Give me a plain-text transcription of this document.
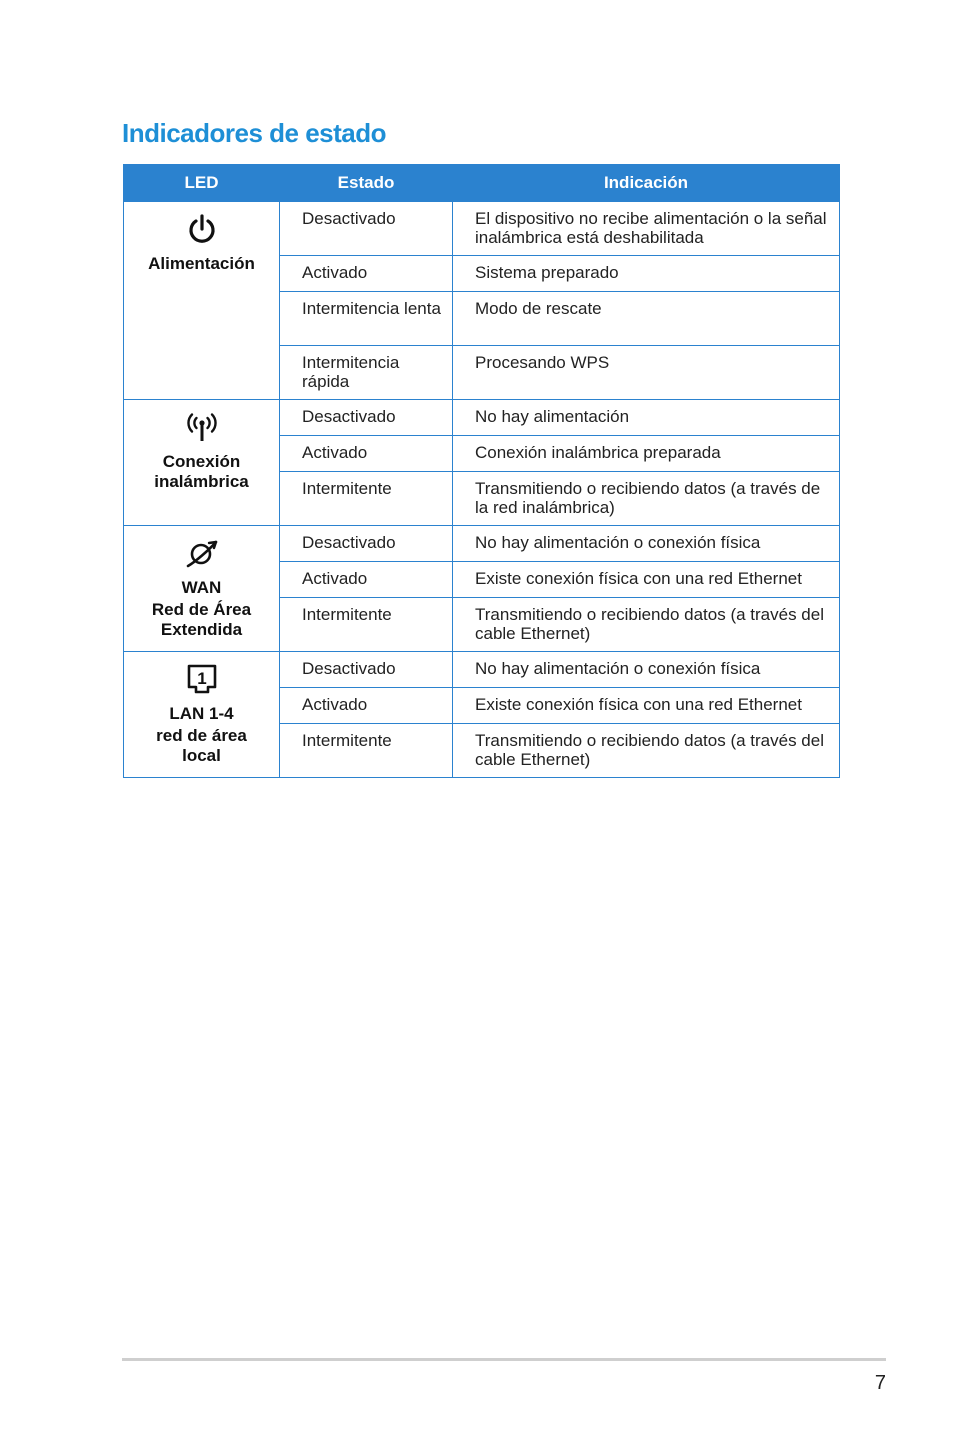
Indicadores de estado
LED	Estado	Indicación

Alimentación	Desactivado	El dispositivo no recibe alimentación o la señal inalámbrica está deshabilitada
	Activado	Sistema preparado
	Intermitencia lenta	Modo de rescate
	Intermitencia rápida	Procesando WPS

Conexión inalámbrica	Desactivado	No hay alimentación
	Activado	Conexión inalámbrica preparada
	Intermitente	Transmitiendo o recibiendo datos (a través de la red inalámbrica)

WAN
Red de Área
Extendida	Desactivado	No hay alimentación o conexión física
	Activado	Existe conexión física con una red Ethernet
	Intermitente	Transmitiendo o recibiendo datos (a través del cable Ethernet)

1
LAN 1-4
red de área
local	Desactivado	No hay alimentación o conexión física
	Activado	Existe conexión física con una red Ethernet
	Intermitente	Transmitiendo o recibiendo datos (a través del cable Ethernet)
7
